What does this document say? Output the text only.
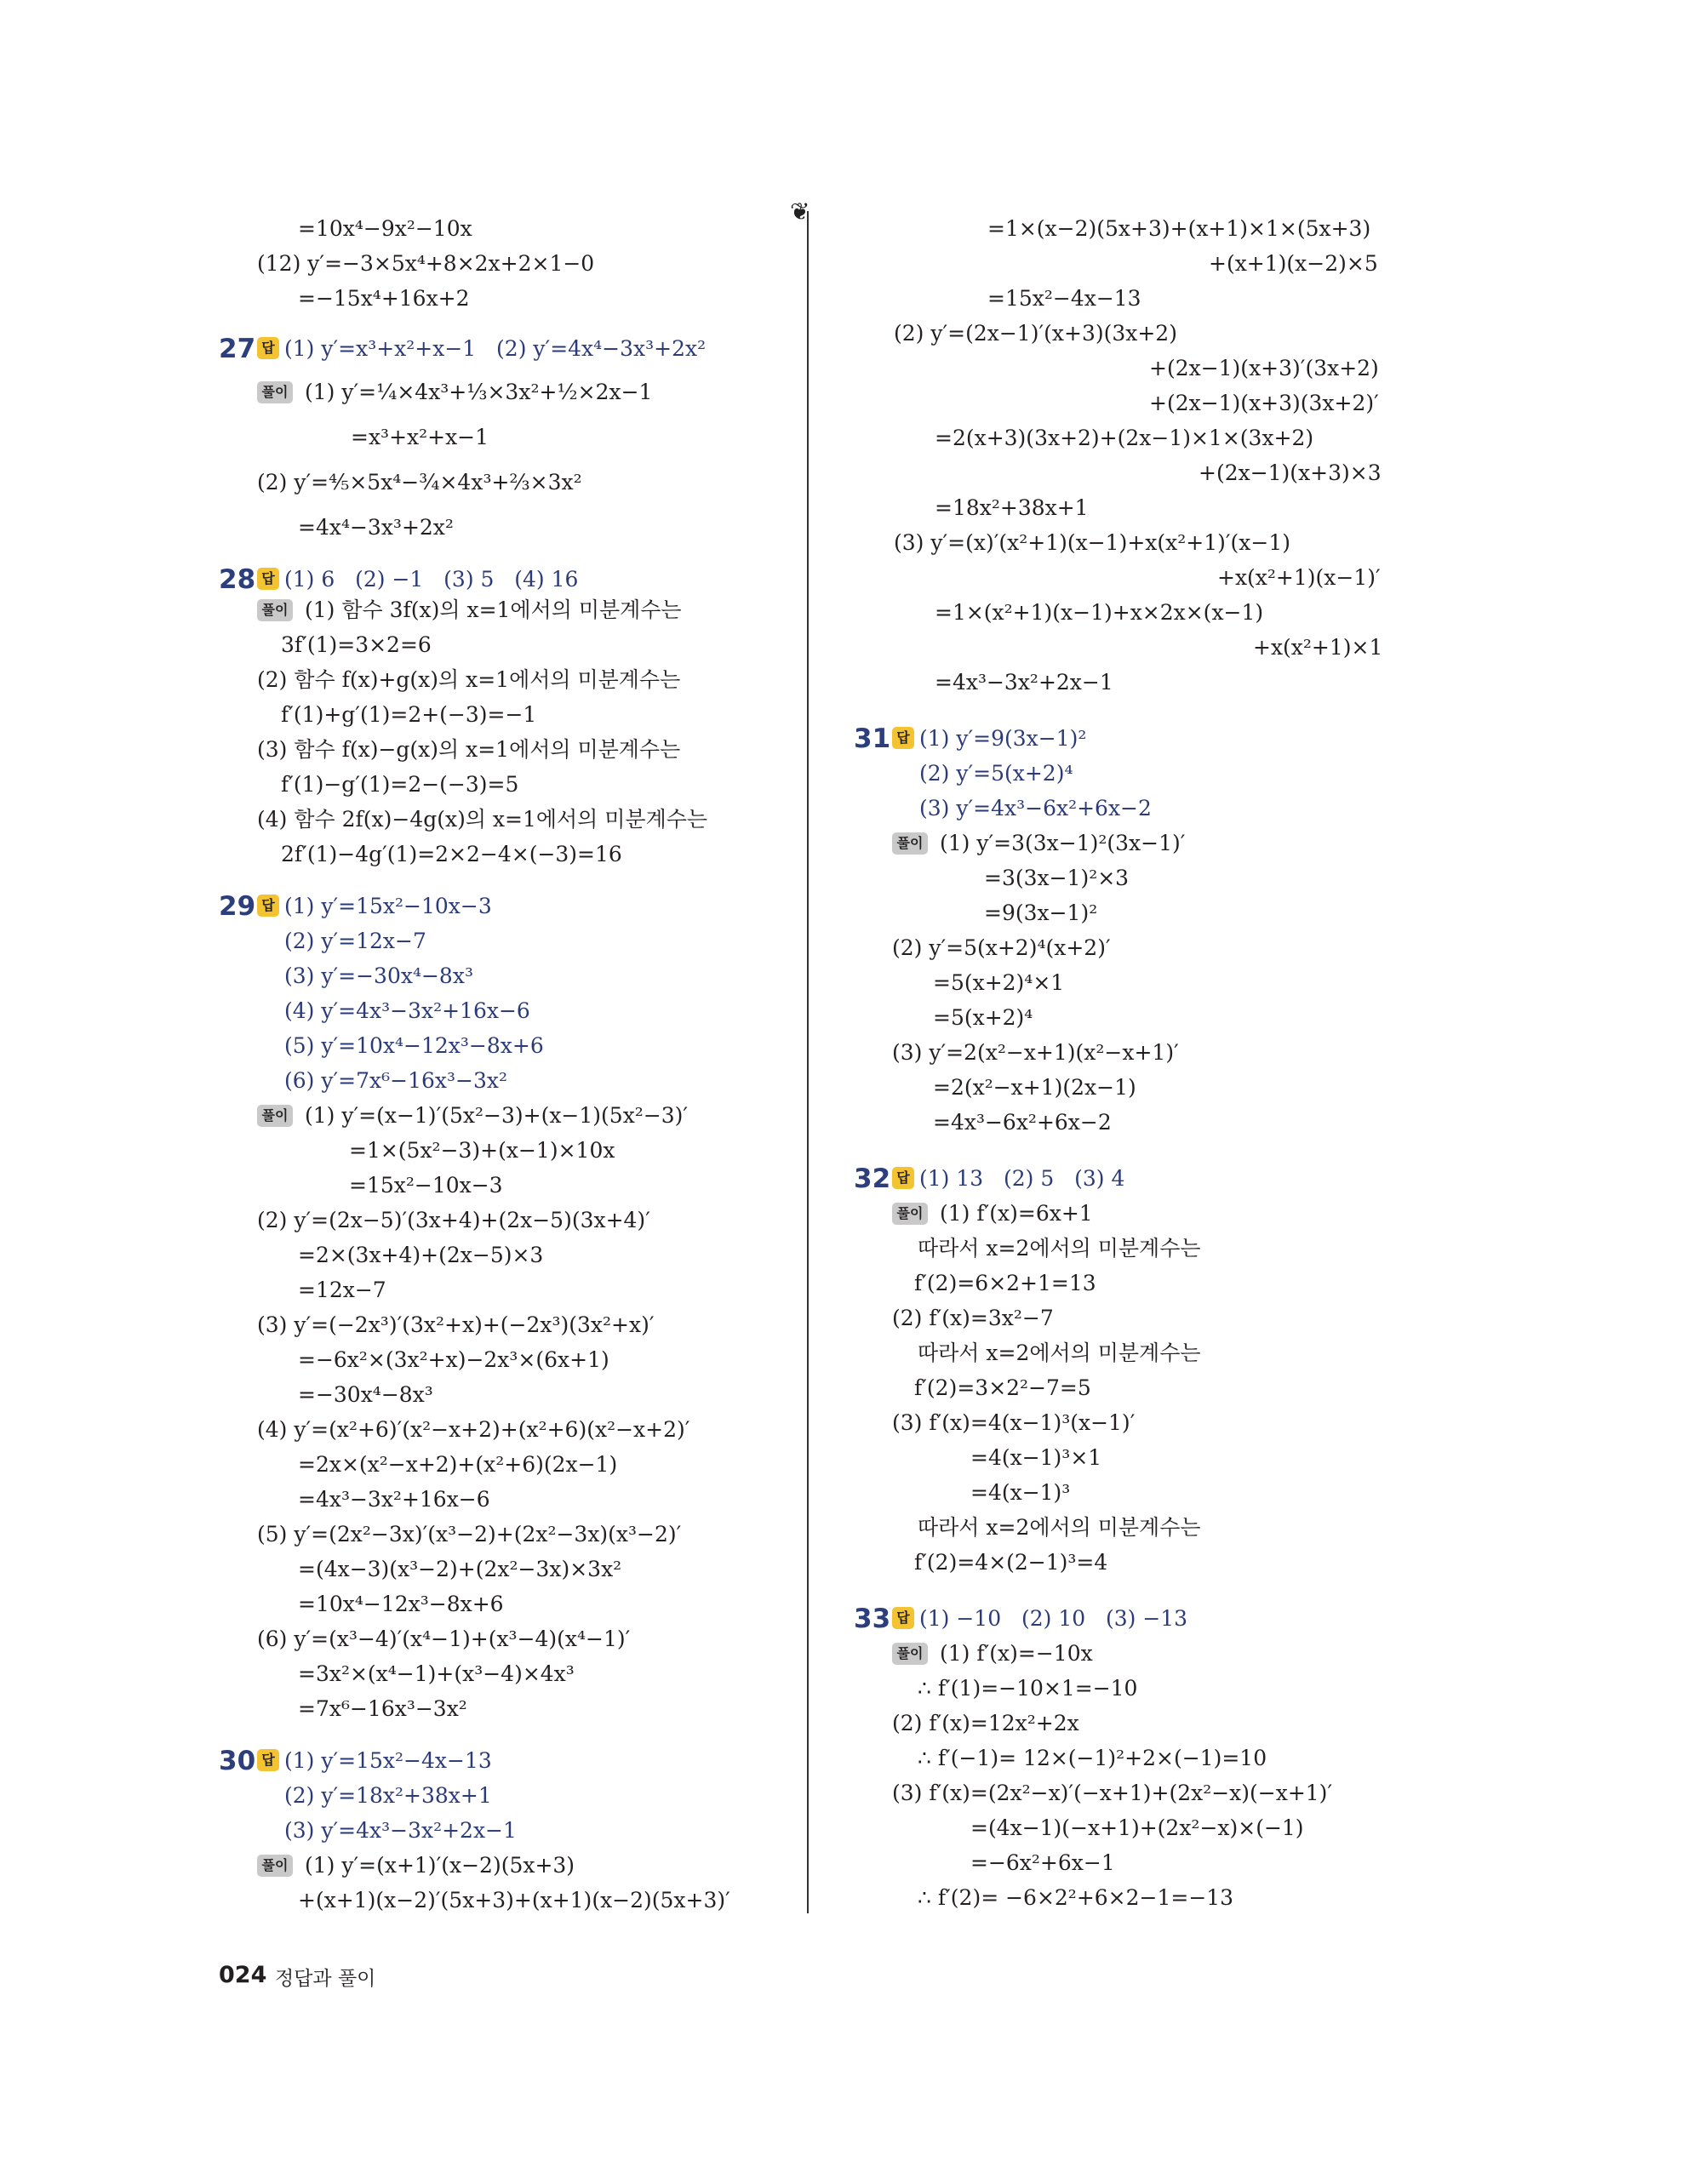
=10x⁴−9x²−10x
(12) y′=−3×5x⁴+8×2x+2×1−0
=−15x⁴+16x+2
27 답 (1) y′=x³+x²+x−1   (2) y′=4x⁴−3x³+2x²
풀이 (1) y′=¼×4x³+⅓×3x²+½×2x−1
=x³+x²+x−1
(2) y′=⅘×5x⁴−¾×4x³+⅔×3x²
=4x⁴−3x³+2x²
28 답 (1) 6   (2) −1   (3) 5   (4) 16
풀이 (1) 함수 3f(x)의 x=1에서의 미분계수는
3f′(1)=3×2=6
(2) 함수 f(x)+g(x)의 x=1에서의 미분계수는
f′(1)+g′(1)=2+(−3)=−1
(3) 함수 f(x)−g(x)의 x=1에서의 미분계수는
f′(1)−g′(1)=2−(−3)=5
(4) 함수 2f(x)−4g(x)의 x=1에서의 미분계수는
2f′(1)−4g′(1)=2×2−4×(−3)=16
29 답 (1) y′=15x²−10x−3
(2) y′=12x−7
(3) y′=−30x⁴−8x³
(4) y′=4x³−3x²+16x−6
(5) y′=10x⁴−12x³−8x+6
(6) y′=7x⁶−16x³−3x²
풀이 (1) y′=(x−1)′(5x²−3)+(x−1)(5x²−3)′
=1×(5x²−3)+(x−1)×10x
=15x²−10x−3
(2) y′=(2x−5)′(3x+4)+(2x−5)(3x+4)′
=2×(3x+4)+(2x−5)×3
=12x−7
(3) y′=(−2x³)′(3x²+x)+(−2x³)(3x²+x)′
=−6x²×(3x²+x)−2x³×(6x+1)
=−30x⁴−8x³
(4) y′=(x²+6)′(x²−x+2)+(x²+6)(x²−x+2)′
=2x×(x²−x+2)+(x²+6)(2x−1)
=4x³−3x²+16x−6
(5) y′=(2x²−3x)′(x³−2)+(2x²−3x)(x³−2)′
=(4x−3)(x³−2)+(2x²−3x)×3x²
=10x⁴−12x³−8x+6
(6) y′=(x³−4)′(x⁴−1)+(x³−4)(x⁴−1)′
=3x²×(x⁴−1)+(x³−4)×4x³
=7x⁶−16x³−3x²
30 답 (1) y′=15x²−4x−13
(2) y′=18x²+38x+1
(3) y′=4x³−3x²+2x−1
풀이 (1) y′=(x+1)′(x−2)(5x+3)
+(x+1)(x−2)′(5x+3)+(x+1)(x−2)(5x+3)′
❦
=1×(x−2)(5x+3)+(x+1)×1×(5x+3)
+(x+1)(x−2)×5
=15x²−4x−13
(2) y′=(2x−1)′(x+3)(3x+2)
+(2x−1)(x+3)′(3x+2)
+(2x−1)(x+3)(3x+2)′
=2(x+3)(3x+2)+(2x−1)×1×(3x+2)
+(2x−1)(x+3)×3
=18x²+38x+1
(3) y′=(x)′(x²+1)(x−1)+x(x²+1)′(x−1)
+x(x²+1)(x−1)′
=1×(x²+1)(x−1)+x×2x×(x−1)
+x(x²+1)×1
=4x³−3x²+2x−1
31 답 (1) y′=9(3x−1)²
(2) y′=5(x+2)⁴
(3) y′=4x³−6x²+6x−2
풀이 (1) y′=3(3x−1)²(3x−1)′
=3(3x−1)²×3
=9(3x−1)²
(2) y′=5(x+2)⁴(x+2)′
=5(x+2)⁴×1
=5(x+2)⁴
(3) y′=2(x²−x+1)(x²−x+1)′
=2(x²−x+1)(2x−1)
=4x³−6x²+6x−2
32 답 (1) 13   (2) 5   (3) 4
풀이 (1) f′(x)=6x+1
따라서 x=2에서의 미분계수는
f′(2)=6×2+1=13
(2) f′(x)=3x²−7
따라서 x=2에서의 미분계수는
f′(2)=3×2²−7=5
(3) f′(x)=4(x−1)³(x−1)′
=4(x−1)³×1
=4(x−1)³
따라서 x=2에서의 미분계수는
f′(2)=4×(2−1)³=4
33 답 (1) −10   (2) 10   (3) −13
풀이 (1) f′(x)=−10x
∴ f′(1)=−10×1=−10
(2) f′(x)=12x²+2x
∴ f′(−1)= 12×(−1)²+2×(−1)=10
(3) f′(x)=(2x²−x)′(−x+1)+(2x²−x)(−x+1)′
=(4x−1)(−x+1)+(2x²−x)×(−1)
=−6x²+6x−1
∴ f′(2)= −6×2²+6×2−1=−13
024 정답과 풀이
